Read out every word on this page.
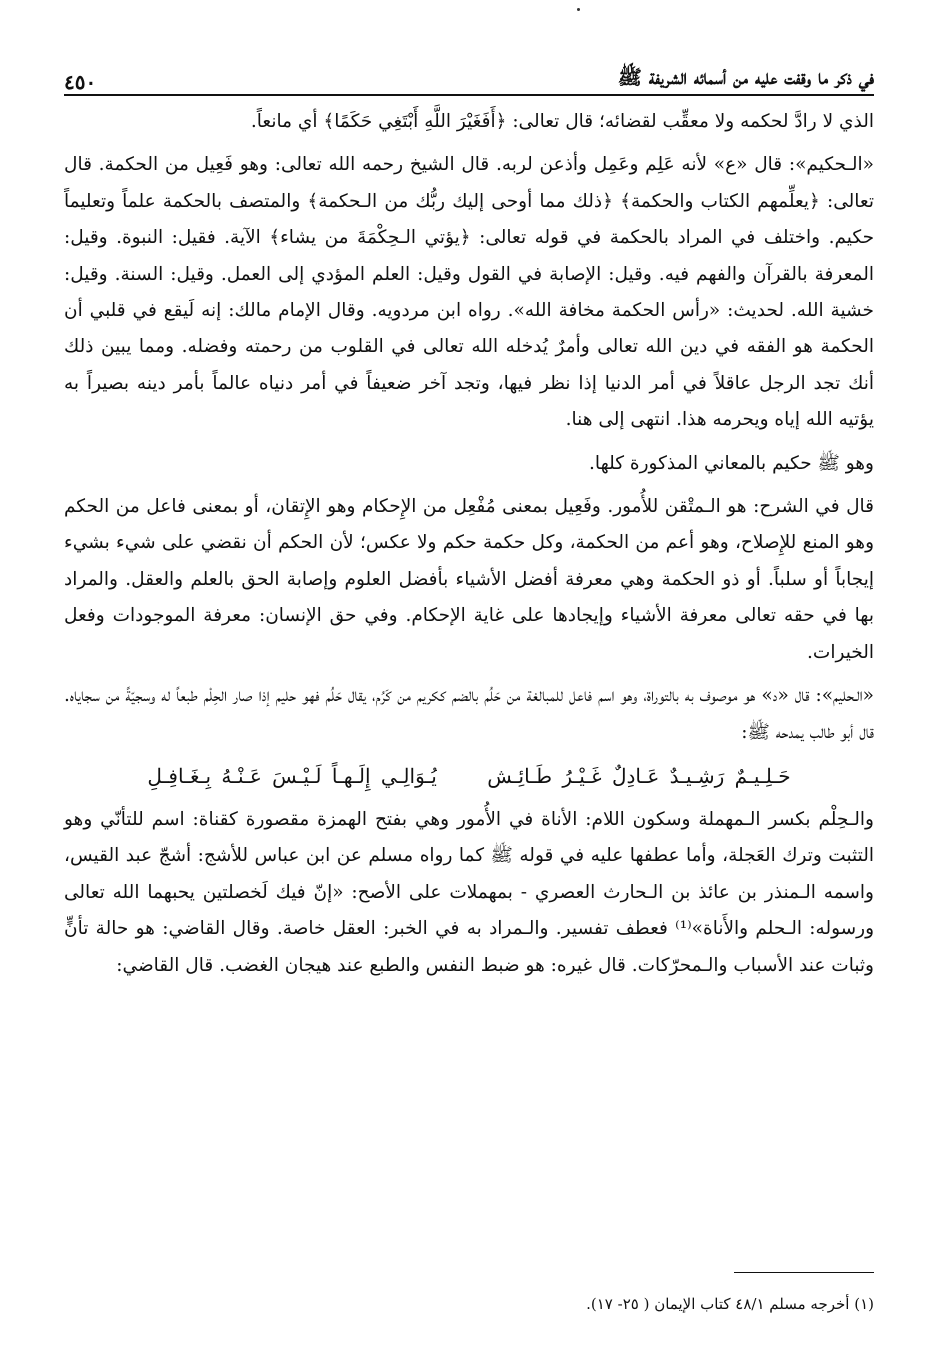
في ذكر ما وقفت عليه من أسمائه الشريفة ﷺ
٤٥٠

الذي لا رادَّ لحكمه ولا معقِّب لقضائه؛ قال تعالى: ﴿أَفَغَيْرَ اللَّهِ أَبْتَغِي حَكَمًا﴾ أي مانعاً.

«الـحكيم»: قال «ع» لأنه عَلِم وعَمِل وأذعن لربه. قال الشيخ رحمه الله تعالى: وهو فَعِيل من الحكمة. قال تعالى: ﴿يعلِّمهم الكتاب والحكمة﴾ ﴿ذلك مما أوحى إليك ربُّك من الـحكمة﴾ والمتصف بالحكمة علماً وتعليماً حكيم. واختلف في المراد بالحكمة في قوله تعالى: ﴿يؤتي الـحِكْمَةَ من يشاء﴾ الآية. فقيل: النبوة. وقيل: المعرفة بالقرآن والفهم فيه. وقيل: الإصابة في القول وقيل: العلم المؤدي إلى العمل. وقيل: السنة. وقيل: خشية الله. لحديث: «رأس الحكمة مخافة الله». رواه ابن مردويه. وقال الإمام مالك: إنه لَيقع في قلبي أن الحكمة هو الفقه في دين الله تعالى وأمرٌ يُدخله الله تعالى في القلوب من رحمته وفضله. ومما يبين ذلك أنك تجد الرجل عاقلاً في أمر الدنيا إذا نظر فيها، وتجد آخر ضعيفاً في أمر دنياه عالماً بأمر دينه بصيراً به يؤتيه الله إياه ويحرمه هذا. انتهى إلى هنا.

وهو ﷺ حكيم بالمعاني المذكورة كلها.

قال في الشرح: هو الـمتْقن للأُمور. وفَعِيل بمعنى مُفْعِل من الإِحكام وهو الإِتقان، أو بمعنى فاعل من الحكم وهو المنع للإِصلاح، وهو أعم من الحكمة، وكل حكمة حكم ولا عكس؛ لأن الحكم أن نقضي على شيء بشيء إيجاباً أو سلباً. أو ذو الحكمة وهي معرفة أفضل الأشياء بأفضل العلوم وإصابة الحق بالعلم والعقل. والمراد بها في حقه تعالى معرفة الأشياء وإيجادها على غاية الإحكام. وفي حق الإنسان: معرفة الموجودات وفعل الخيرات.

«الـحليم»: قال «د» هو موصوف به بالتوراة، وهو اسم فاعل للمبالغة من حَلُم بالضم ككريم من كَرُم، يقال حَلُم فهو حليم إذا صار الحِلْم طبعاً له وسجيّةً من سجاياه. قال أبو طالب يمدحه ﷺ:

حَـلِـيـمٌ رَشِـيـدٌ عَـادِلٌ غَـيْـرُ طَـائِـش يُـوَالِـي إِلَـهـاً لَـيْـسَ عَـنْـهُ بِـغَـافِـلِ

والـحِلْم بكسر الـمهملة وسكون اللام: الأناة في الأُمور وهي بفتح الهمزة مقصورة كقناة: اسم للتأنّي وهو التثبت وترك العَجلة، وأما عطفها عليه في قوله ﷺ كما رواه مسلم عن ابن عباس للأشج: أشجّ عبد القيس، واسمه الـمنذر بن عائذ بن الـحارث العصري - بمهملات على الأصح: «إنّ فيك لَخصلتين يحبهما الله تعالى ورسوله: الـحلم والأَناة»⁽¹⁾ فعطف تفسير. والـمراد به في الخبر: العقل خاصة. وقال القاضي: هو حالة تأنٍّ وثبات عند الأسباب والـمحرّكات. قال غيره: هو ضبط النفس والطبع عند هيجان الغضب. قال القاضي:

(١) أخرجه مسلم ٤٨/١ كتاب الإيمان ( ٢٥- ١٧).
